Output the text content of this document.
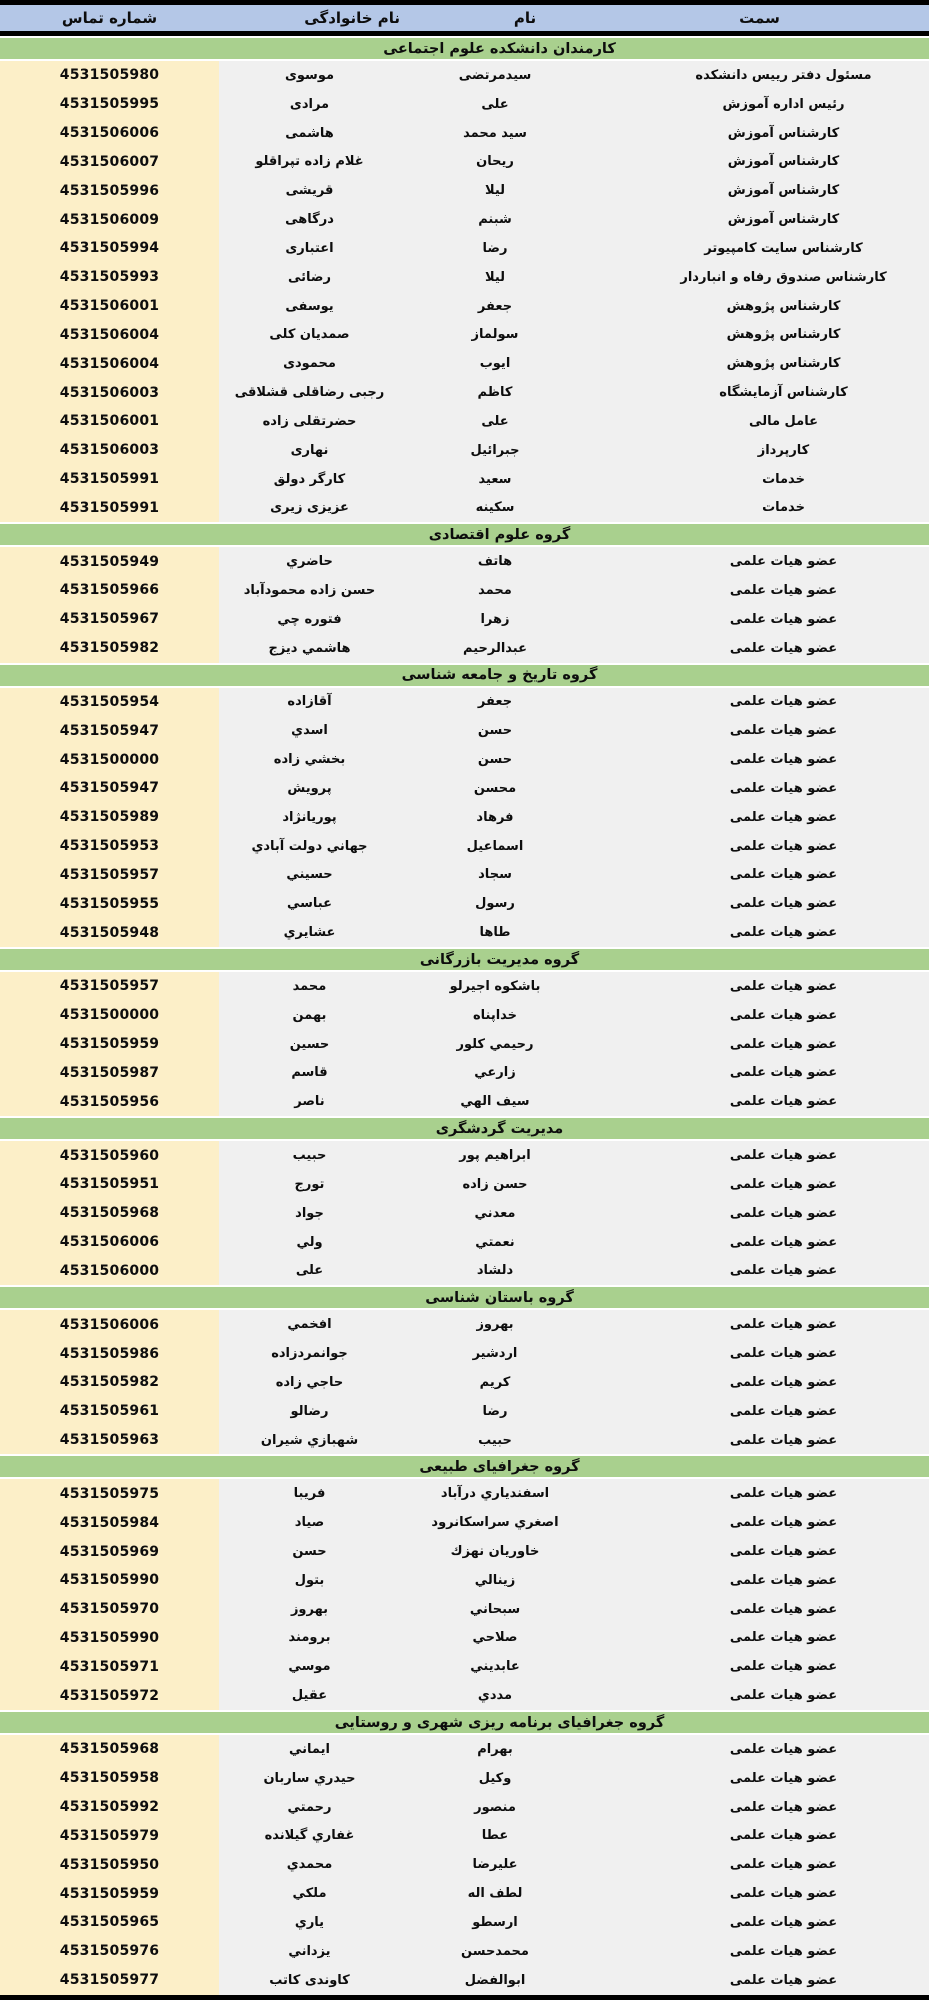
سمت
نام
نام خانوادگی
شماره تماس
کارمندان دانشکده علوم اجتماعی
مسئول دفتر رییس دانشکده
سیدمرتضی
موسوی
4531505980
رئیس اداره آموزش
علی
مرادی
4531505995
کارشناس آموزش
سید محمد
هاشمی
4531506006
کارشناس آموزش
ریحان
غلام زاده تپراقلو
4531506007
کارشناس آموزش
لیلا
قریشی
4531505996
کارشناس آموزش
شبنم
درگاهی
4531506009
کارشناس سایت کامپیوتر
رضا
اعتباری
4531505994
کارشناس صندوق رفاه و انباردار
لیلا
رضائی
4531505993
کارشناس پژوهش
جعفر
یوسفی
4531506001
کارشناس پژوهش
سولماز
صمدیان کلی
4531506004
کارشناس پژوهش
ایوب
محمودی
4531506004
کارشناس آزمایشگاه
کاظم
رجبی رضاقلی قشلاقی
4531506003
عامل مالی
علی
حضرتقلی زاده
4531506001
کارپرداز
جبرائیل
نهاری
4531506003
خدمات
سعید
کارگر دولق
4531505991
خدمات
سکینه
عزیزی زیری
4531505991
گروه علوم اقتصادی
عضو هیات علمی
هاتف
حاضري
4531505949
عضو هیات علمی
محمد
حسن زاده محمودآباد
4531505966
عضو هیات علمی
زهرا
فتوره چي
4531505967
عضو هیات علمی
عبدالرحیم
هاشمي دیزج
4531505982
گروه تاریخ و جامعه شناسی
عضو هیات علمی
جعفر
آقازاده
4531505954
عضو هیات علمی
حسن
اسدي
4531505947
عضو هیات علمی
حسن
بخشي زاده
4531500000
عضو هیات علمی
محسن
پرویش
4531505947
عضو هیات علمی
فرهاد
پوریانژاد
4531505989
عضو هیات علمی
اسماعیل
جهاني دولت آبادي
4531505953
عضو هیات علمی
سجاد
حسیني
4531505957
عضو هیات علمی
رسول
عباسي
4531505955
عضو هیات علمی
طاها
عشایري
4531505948
گروه مدیریت بازرگانی
عضو هیات علمی
باشکوه اجیرلو
محمد
4531505957
عضو هیات علمی
خداپناه
بهمن
4531500000
عضو هیات علمی
رحیمي کلور
حسین
4531505959
عضو هیات علمی
زارعي
قاسم
4531505987
عضو هیات علمی
سیف الهي
ناصر
4531505956
مدیریت گردشگری
عضو هیات علمی
ابراهیم پور
حبیب
4531505960
عضو هیات علمی
حسن زاده
تورج
4531505951
عضو هیات علمی
معدني
جواد
4531505968
عضو هیات علمی
نعمتي
ولي
4531506006
عضو هیات علمی
دلشاد
علی
4531506000
گروه باستان شناسی
عضو هیات علمی
بهروز
افخمي
4531506006
عضو هیات علمی
اردشیر
جوانمردزاده
4531505986
عضو هیات علمی
کریم
حاجي زاده
4531505982
عضو هیات علمی
رضا
رضالو
4531505961
عضو هیات علمی
حبیب
شهبازي شیران
4531505963
گروه جغرافیای طبیعی
عضو هیات علمی
اسفندیاري درآباد
فریبا
4531505975
عضو هیات علمی
اصغري سراسکانرود
صیاد
4531505984
عضو هیات علمی
خاوریان نهزك
حسن
4531505969
عضو هیات علمی
زینالي
بتول
4531505990
عضو هیات علمی
سبحاني
بهروز
4531505970
عضو هیات علمی
صلاحي
برومند
4531505990
عضو هیات علمی
عابدیني
موسي
4531505971
عضو هیات علمی
مددي
عقیل
4531505972
گروه جغرافیای برنامه ریزی شهری و روستایی
عضو هیات علمی
بهرام
ایماني
4531505968
عضو هیات علمی
وکیل
حیدري ساربان
4531505958
عضو هیات علمی
منصور
رحمتي
4531505992
عضو هیات علمی
عطا
غفاري گیلانده
4531505979
عضو هیات علمی
علیرضا
محمدي
4531505950
عضو هیات علمی
لطف اله
ملکي
4531505959
عضو هیات علمی
ارسطو
یاري
4531505965
عضو هیات علمی
محمدحسن
یزداني
4531505976
عضو هیات علمی
ابوالفضل
کاوندی کاتب
4531505977
